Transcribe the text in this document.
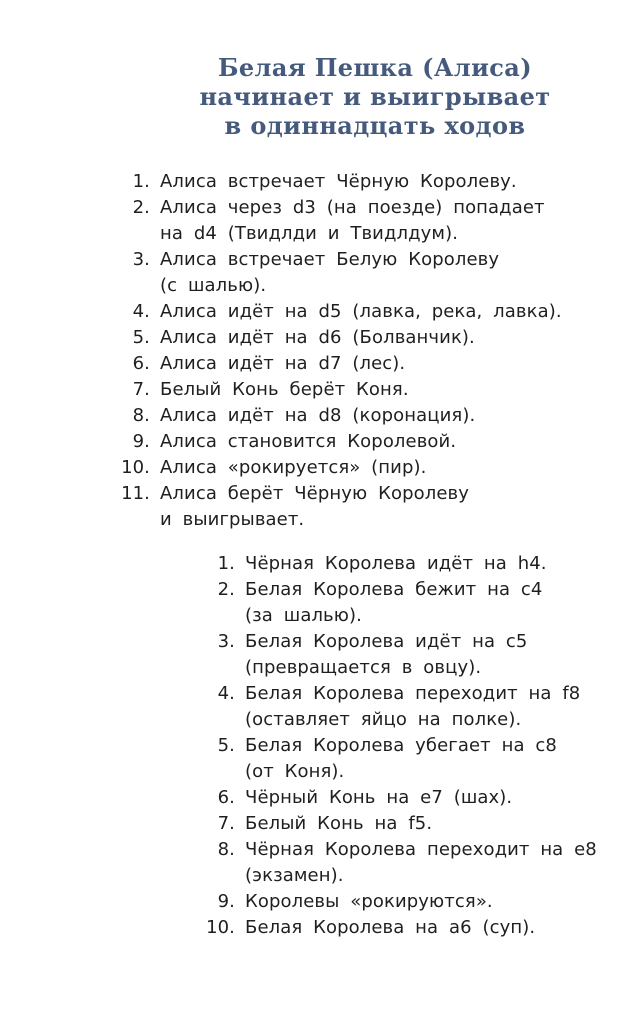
Белая Пешка (Алиса)
начинает и выигрывает
в одиннадцать ходов
1. Алиса встречает Чёрную Королеву.
2. Алиса через d3 (на поезде) попадает
на d4 (Твидлди и Твидлдум).
3. Алиса встречает Белую Королеву
(с шалью).
4. Алиса идёт на d5 (лавка, река, лавка).
5. Алиса идёт на d6 (Болванчик).
6. Алиса идёт на d7 (лес).
7. Белый Конь берёт Коня.
8. Алиса идёт на d8 (коронация).
9. Алиса становится Королевой.
10. Алиса «рокируется» (пир).
11. Алиса берёт Чёрную Королеву
и выигрывает.
1. Чёрная Королева идёт на h4.
2. Белая Королева бежит на c4
(за шалью).
3. Белая Королева идёт на c5
(превращается в овцу).
4. Белая Королева переходит на f8
(оставляет яйцо на полке).
5. Белая Королева убегает на c8
(от Коня).
6. Чёрный Конь на e7 (шах).
7. Белый Конь на f5.
8. Чёрная Королева переходит на e8
(экзамен).
9. Королевы «рокируются».
10. Белая Королева на a6 (суп).
